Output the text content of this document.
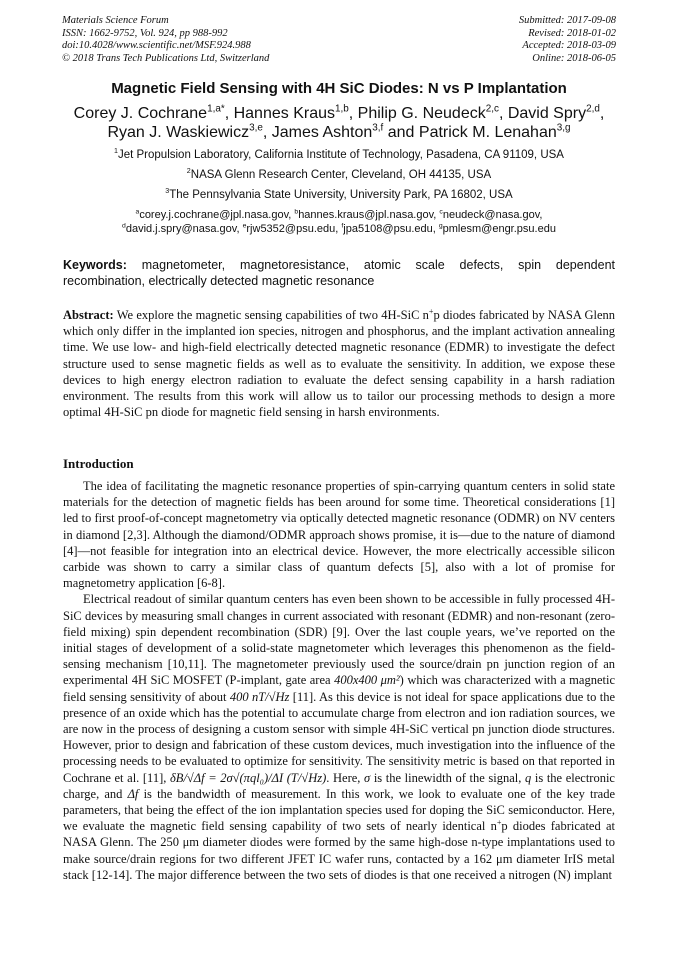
Materials Science Forum
ISSN: 1662-9752, Vol. 924, pp 988-992
doi:10.4028/www.scientific.net/MSF.924.988
© 2018 Trans Tech Publications Ltd, Switzerland
Submitted: 2017-09-08
Revised: 2018-01-02
Accepted: 2018-03-09
Online: 2018-06-05
Magnetic Field Sensing with 4H SiC Diodes: N vs P Implantation
Corey J. Cochrane$^{1,a*}$, Hannes Kraus$^{1,b}$, Philip G. Neudeck$^{2,c}$, David Spry$^{2,d}$,
Ryan J. Waskiewicz$^{3,e}$, James Ashton$^{3,f}$ and Patrick M. Lenahan$^{3,g}$
$^1$Jet Propulsion Laboratory, California Institute of Technology, Pasadena, CA 91109, USA
$^2$NASA Glenn Research Center, Cleveland, OH 44135, USA
$^3$The Pennsylvania State University, University Park, PA 16802, USA
$^a$corey.j.cochrane@jpl.nasa.gov, $^b$hannes.kraus@jpl.nasa.gov, $^c$neudeck@nasa.gov,
$^d$david.j.spry@nasa.gov, $^e$rjw5352@psu.edu, $^f$jpa5108@psu.edu, $^g$pmlesm@engr.psu.edu
Keywords: magnetometer, magnetoresistance, atomic scale defects, spin dependent recombination, electrically detected magnetic resonance

Abstract: We explore the magnetic sensing capabilities of two 4H-SiC n+p diodes fabricated by NASA Glenn which only differ in the implanted ion species, nitrogen and phosphorus, and the implant activation annealing time. We use low- and high-field electrically detected magnetic resonance (EDMR) to investigate the defect structure used to sense magnetic fields as well as to evaluate the sensitivity. In addition, we expose these devices to high energy electron radiation to evaluate the defect sensing capability in a harsh radiation environment. The results from this work will allow us to tailor our processing methods to design a more optimal 4H-SiC pn diode for magnetic field sensing in harsh environments.

Introduction

The idea of facilitating the magnetic resonance properties of spin-carrying quantum centers in solid state materials for the detection of magnetic fields has been around for some time. Theoretical considerations [1] led to first proof-of-concept magnetometry via optically detected magnetic resonance (ODMR) on NV centers in diamond [2,3]. Although the diamond/ODMR approach shows promise, it is—due to the nature of diamond [4]—not feasible for integration into an electrical device. However, the more electrically accessible silicon carbide was shown to carry a similar class of quantum defects [5], also with a lot of promise for magnetometry application [6-8].

Electrical readout of similar quantum centers has even been shown to be accessible in fully processed 4H-SiC devices by measuring small changes in current associated with resonant (EDMR) and non-resonant (zero-field mixing) spin dependent recombination (SDR) [9]. Over the last couple years, we’ve reported on the initial stages of development of a solid-state magnetometer which leverages this phenomenon as the field-sensing mechanism [10,11]. The magnetometer previously used the source/drain pn junction region of an experimental 4H SiC MOSFET (P-implant, gate area 400x400 μm²) which was characterized with a magnetic field sensing sensitivity of about 400 nT/√Hz [11]. As this device is not ideal for space applications due to the presence of an oxide which has the potential to accumulate charge from electron and ion radiation sources, we are now in the process of designing a custom sensor with simple 4H-SiC vertical pn junction diode structures. However, prior to design and fabrication of these custom devices, much investigation into the influence of the processing needs to be evaluated to optimize for sensitivity. The sensitivity metric is based on that reported in Cochrane et al. [11], δB/√Δf = 2σ√(πql₀)/ΔI (T/√Hz). Here, σ is the linewidth of the signal, q is the electronic charge, and Δf is the bandwidth of measurement. In this work, we look to evaluate one of the key trade parameters, that being the effect of the ion implantation species used for doping the SiC semiconductor. Here, we evaluate the magnetic field sensing capability of two sets of nearly identical n+p diodes fabricated at NASA Glenn. The 250 μm diameter diodes were formed by the same high-dose n-type implantations used to make source/drain regions for two different JFET IC wafer runs, contacted by a 162 μm diameter IrIS metal stack [12-14]. The major difference between the two sets of diodes is that one received a nitrogen (N) implant
